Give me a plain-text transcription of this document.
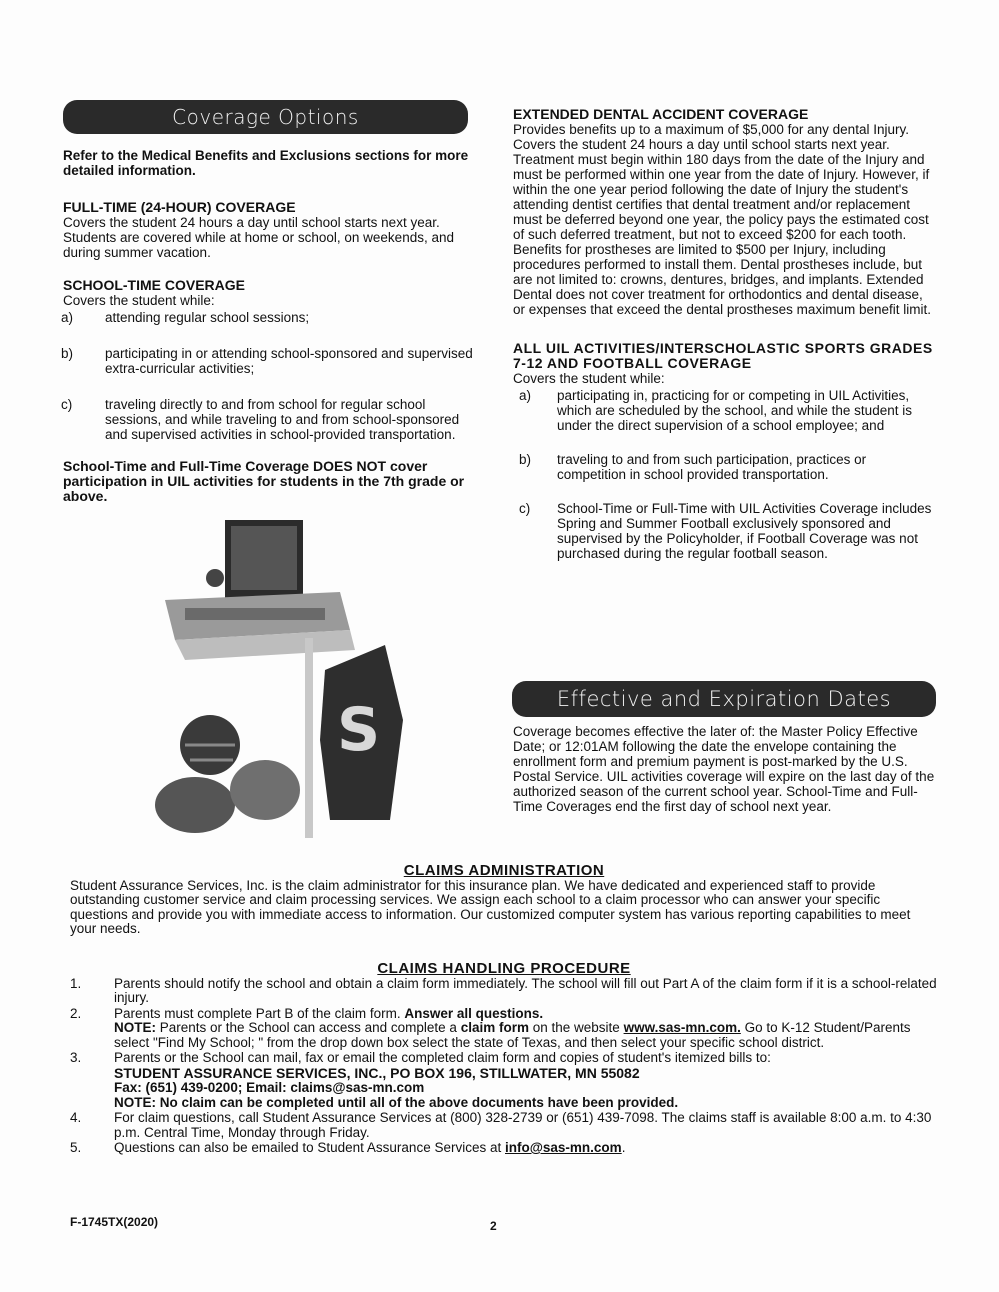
Coverage Options

Refer to the Medical Benefits and Exclusions sections for more detailed information.

FULL-TIME (24-HOUR) COVERAGE

Covers the student 24 hours a day until school starts next year. Students are covered while at home or school, on weekends, and during summer vacation.

SCHOOL-TIME COVERAGE

Covers the student while:

a) attending regular school sessions;
b) participating in or attending school-sponsored and supervised extra-curricular activities;
c) traveling directly to and from school for regular school sessions, and while traveling to and from school-sponsored and supervised activities in school-provided transportation.

School-Time and Full-Time Coverage DOES NOT cover participation in UIL activities for students in the 7th grade or above.

S
EXTENDED DENTAL ACCIDENT COVERAGE

Provides benefits up to a maximum of $5,000 for any dental Injury. Covers the student 24 hours a day until school starts next year. Treatment must begin within 180 days from the date of the Injury and must be performed within one year from the date of Injury. However, if within the one year period following the date of Injury the student's attending dentist certifies that dental treatment and/or replacement must be deferred beyond one year, the policy pays the estimated cost of such deferred treatment, but not to exceed $200 for each tooth. Benefits for prostheses are limited to $500 per Injury, including procedures performed to install them. Dental prostheses include, but are not limited to: crowns, dentures, bridges, and implants. Extended Dental does not cover treatment for orthodontics and dental disease, or expenses that exceed the dental prostheses maximum benefit limit.

ALL UIL ACTIVITIES/INTERSCHOLASTIC SPORTS GRADES 7-12 AND FOOTBALL COVERAGE

Covers the student while:

a) participating in, practicing for or competing in UIL Activities, which are scheduled by the school, and while the student is under the direct supervision of a school employee; and
b) traveling to and from such participation, practices or competition in school provided transportation.
c) School-Time or Full-Time with UIL Activities Coverage includes Spring and Summer Football exclusively sponsored and supervised by the Policyholder, if Football Coverage was not purchased during the regular football season.
Effective and Expiration Dates

Coverage becomes effective the later of: the Master Policy Effective Date; or 12:01AM following the date the envelope containing the enrollment form and premium payment is post-marked by the U.S. Postal Service. UIL activities coverage will expire on the last day of the authorized season of the current school year. School-Time and Full-Time Coverages end the first day of school next year.

CLAIMS ADMINISTRATION

Student Assurance Services, Inc. is the claim administrator for this insurance plan. We have dedicated and experienced staff to provide outstanding customer service and claim processing services. We assign each school to a claim processor who can answer your specific questions and provide you with immediate access to information. Our customized computer system has various reporting capabilities to meet your needs.

CLAIMS HANDLING PROCEDURE
1. Parents should notify the school and obtain a claim form immediately. The school will fill out Part A of the claim form if it is a school-related injury.
2. Parents must complete Part B of the claim form. Answer all questions.
NOTE: Parents or the School can access and complete a claim form on the website www.sas-mn.com. Go to K-12 Student/Parents select "Find My School; " from the drop down box select the state of Texas, and then select your specific school district.
3. Parents or the School can mail, fax or email the completed claim form and copies of student's itemized bills to:
STUDENT ASSURANCE SERVICES, INC., PO BOX 196, STILLWATER, MN 55082
Fax: (651) 439-0200; Email: claims@sas-mn.com
NOTE: No claim can be completed until all of the above documents have been provided.
4. For claim questions, call Student Assurance Services at (800) 328-2739 or (651) 439-7098. The claims staff is available 8:00 a.m. to 4:30 p.m. Central Time, Monday through Friday.
5. Questions can also be emailed to Student Assurance Services at info@sas-mn.com.
F-1745TX(2020)	2
